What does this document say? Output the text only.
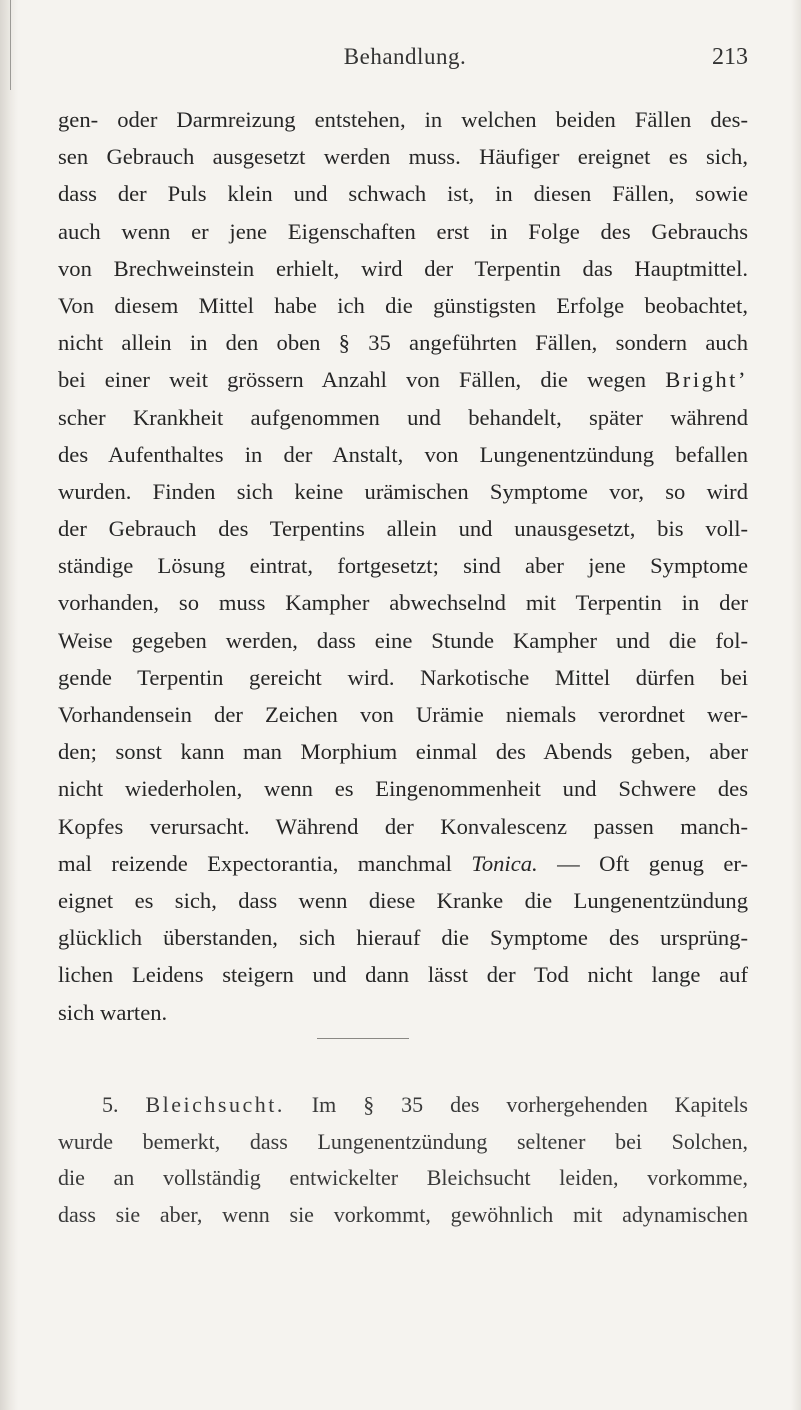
Behandlung.	213
gen- oder Darmreizung entstehen, in welchen beiden Fällen des-
sen Gebrauch ausgesetzt werden muss. Häufiger ereignet es sich,
dass der Puls klein und schwach ist, in diesen Fällen, sowie
auch wenn er jene Eigenschaften erst in Folge des Gebrauchs
von Brechweinstein erhielt, wird der Terpentin das Hauptmittel.
Von diesem Mittel habe ich die günstigsten Erfolge beobachtet,
nicht allein in den oben § 35 angeführten Fällen, sondern auch
bei einer weit grössern Anzahl von Fällen, die wegen Bright’
scher Krankheit aufgenommen und behandelt, später während
des Aufenthaltes in der Anstalt, von Lungenentzündung befallen
wurden. Finden sich keine urämischen Symptome vor, so wird
der Gebrauch des Terpentins allein und unausgesetzt, bis voll-
ständige Lösung eintrat, fortgesetzt; sind aber jene Symptome
vorhanden, so muss Kampher abwechselnd mit Terpentin in der
Weise gegeben werden, dass eine Stunde Kampher und die fol-
gende Terpentin gereicht wird. Narkotische Mittel dürfen bei
Vorhandensein der Zeichen von Urämie niemals verordnet wer-
den; sonst kann man Morphium einmal des Abends geben, aber
nicht wiederholen, wenn es Eingenommenheit und Schwere des
Kopfes verursacht. Während der Konvalescenz passen manch-
mal reizende Expectorantia, manchmal Tonica. — Oft genug er-
eignet es sich, dass wenn diese Kranke die Lungenentzündung
glücklich überstanden, sich hierauf die Symptome des ursprüng-
lichen Leidens steigern und dann lässt der Tod nicht lange auf
sich warten.
5. Bleichsucht. Im § 35 des vorhergehenden Kapitels
wurde bemerkt, dass Lungenentzündung seltener bei Solchen,
die an vollständig entwickelter Bleichsucht leiden, vorkomme,
dass sie aber, wenn sie vorkommt, gewöhnlich mit adynamischen
